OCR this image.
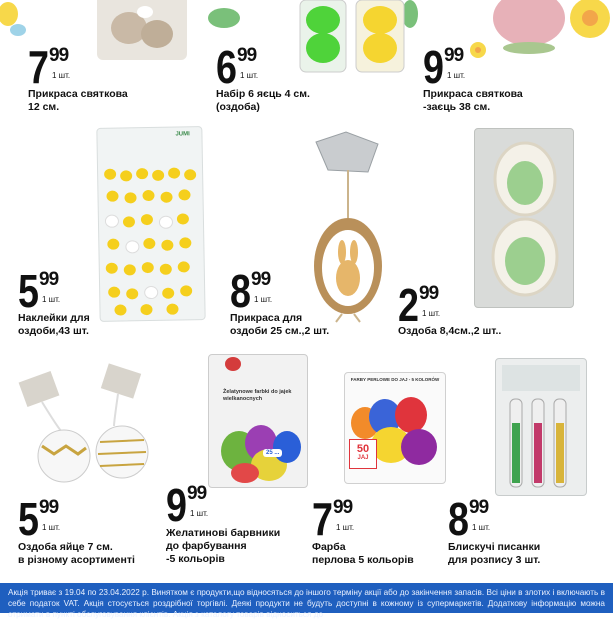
7 99
1 шт.
Прикраса святкова
12 см.
6 99
1 шт.
Набір 6 яєць 4 см.
(оздоба)
9 99
1 шт.
Прикраса святкова
-заєць 38 см.
JUMI
5 99
1 шт.
Наклейки для
оздоби,43 шт.
8 99
1 шт.
Прикраса для
оздоби 25 см.,2 шт. 2 99
1 шт.
Оздоба 8,4см.,2 шт..
Żelatynowe farbki do jajek wielkanocnych
25 ...
FARBY PERLOWE DO JAJ - 5 KOLORÓW
50
JAJ
5 99
1 шт.
Оздоба яйце 7 см.
в різному асортименті
9 99
1 шт.
Желатинові барвники
до фарбування
-5 кольорів
7 99
1 шт.
Фарба
перлова 5 кольорів
8 99
1 шт.
Блискучі писанки
для розпису 3 шт.
Акція триває з 19.04 по 23.04.2022 р. Винятком є продукти,що відносяться до іншого терміну акції або до закінчення запасів. Всі ціни в злотих і включають в себе податок VAT. Акція стосується роздрібної торгівлі. Деякі продукти не будуть доступні в кожному із супермаркетів. Додаткову інформацію можна отримати в пункті обслуговування клієнтів. Акція з каталогу товарів відноситься до
